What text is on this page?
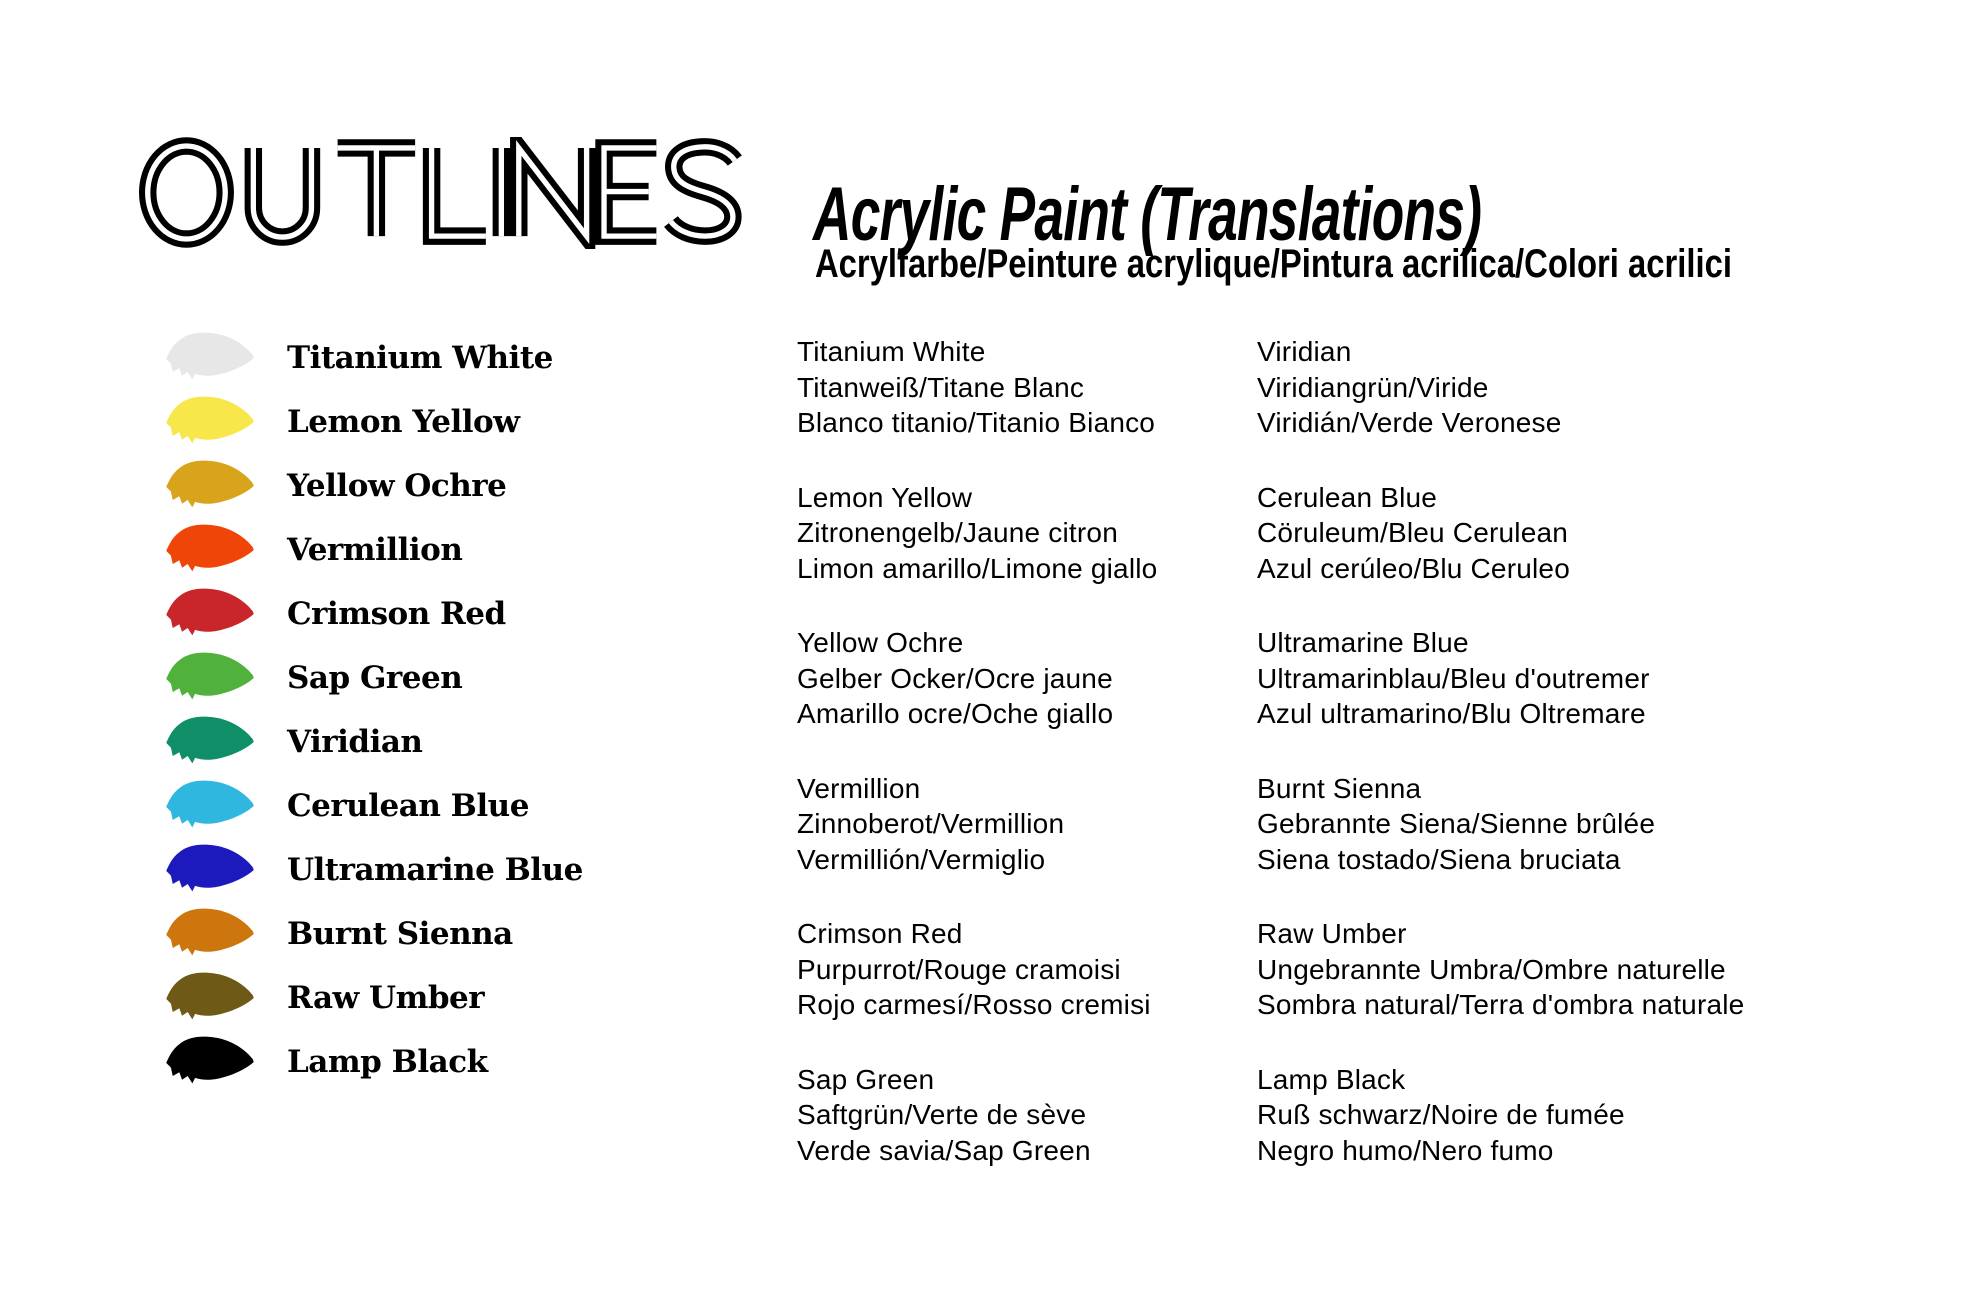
Acrylic Paint (Translations)
Acrylfarbe/Peinture acrylique/Pintura acrilica/Colori acrilici
Titanium White
Lemon Yellow
Yellow Ochre
Vermillion
Crimson Red
Sap Green
Viridian
Cerulean Blue
Ultramarine Blue
Burnt Sienna
Raw Umber
Lamp Black
Titanium White
Titanweiß/Titane Blanc
Blanco titanio/Titanio Bianco
Lemon Yellow
Zitronengelb/Jaune citron
Limon amarillo/Limone giallo
Yellow Ochre
Gelber Ocker/Ocre jaune
Amarillo ocre/Oche giallo
Vermillion
Zinnoberot/Vermillion
Vermillión/Vermiglio
Crimson Red
Purpurrot/Rouge cramoisi
Rojo carmesí/Rosso cremisi
Sap Green
Saftgrün/Verte de sève
Verde savia/Sap Green
Viridian
Viridiangrün/Viride
Viridián/Verde Veronese
Cerulean Blue
Cöruleum/Bleu Cerulean
Azul cerúleo/Blu Ceruleo
Ultramarine Blue
Ultramarinblau/Bleu d'outremer
Azul ultramarino/Blu Oltremare
Burnt Sienna
Gebrannte Siena/Sienne brûlée
Siena tostado/Siena bruciata
Raw Umber
Ungebrannte Umbra/Ombre naturelle
Sombra natural/Terra d'ombra naturale
Lamp Black
Ruß schwarz/Noire de fumée
Negro humo/Nero fumo
